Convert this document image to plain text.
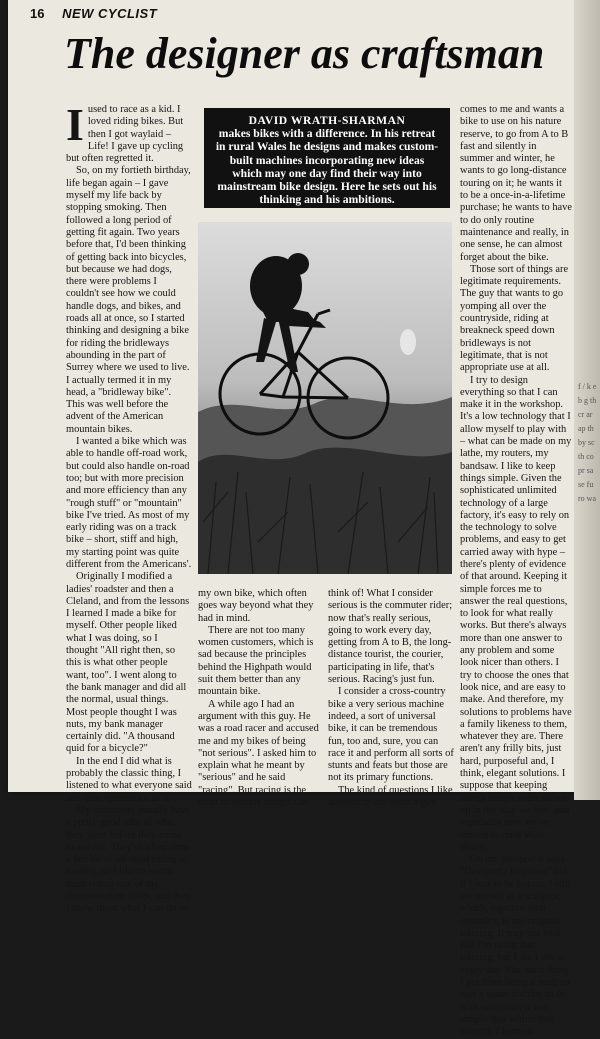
16 NEW CYCLIST
The designer as craftsman
I used to race as a kid. I loved riding bikes. But then I got waylaid – Life! I gave up cycling but often regretted it.

So, on my fortieth birthday, life began again – I gave myself my life back by stopping smoking. Then followed a long period of getting fit again. Two years before that, I'd been thinking of getting back into bicycles, but because we had dogs, there were problems I couldn't see how we could handle dogs, and bikes, and roads all at once, so I started thinking and designing a bike for riding the bridleways abounding in the part of Surrey where we used to live. I actually termed it in my head, a "bridleway bike". This was well before the advent of the American mountain bikes.

I wanted a bike which was able to handle off-road work, but could also handle on-road too; but with more precision and more efficiency than any "rough stuff" or "mountain" bike I've tried. As most of my early riding was on a track bike – short, stiff and high, my starting point was quite different from the Americans'.

Originally I modified a ladies' roadster and then a Cleland, and from the lessons I learned I made a bike for myself. Other people liked what I was doing, so I thought "All right then, so this is what other people want, too". I went along to the bank manager and did all the normal, usual things. Most people thought I was nuts, my bank manager certainly did. "A thousand quid for a bicycle?"

In the end I did what is probably the classic thing, I listened to what everyone said and then ignored all of it.

My customers usually have a pretty good idea of what they want before they come to see me. They've often done a fair bit of off-road riding or touring, so I like to watch them riding one of my demonstration bikes, and then I show them what I can do on

DAVID WRATH-SHARMAN
makes bikes with a difference. In his retreat in rural Wales he designs and makes custom-built machines incorporating new ideas which may one day find their way into mainstream bike design. Here he sets out his thinking and his ambitions.

my own bike, which often goes way beyond what they had in mind.

There are not too many women customers, which is sad because the principles behind the Highpath would suit them better than any mountain bike.

A while ago I had an argument with this guy. He was a road racer and accused me and my bikes of being "not serious". I asked him to explain what he meant by "serious" and he said "racing". But racing is the most unserious thing I can

think of! What I consider serious is the commuter rider; now that's really serious, going to work every day, getting from A to B, the long-distance tourist, the courier, participating in life, that's serious. Racing's just fun.

I consider a cross-country bike a very serious machine indeed, a sort of universal bike, it can be tremendous fun, too and, sure, you can race it and perform all sorts of stunts and feats but those are not its primary functions.

The kind of questions I like answering are when a guy

comes to me and wants a bike to use on his nature reserve, to go from A to B fast and silently in summer and winter, he wants to go long-distance touring on it; he wants it to be a once-in-a-lifetime purchase; he wants to have to do only routine maintenance and really, in one sense, he can almost forget about the bike.

Those sort of things are legitimate requirements. The guy that wants to go yomping all over the countryside, riding at breakneck speed down bridleways is not legitimate, that is not appropriate use at all.

I try to design everything so that I can make it in the workshop. It's a low technology that I allow myself to play with – what can be made on my lathe, my routers, my bandsaw. I like to keep things simple. Given the sophisticated unlimited technology of a large factory, it's easy to rely on the technology to solve problems, and easy to get carried away with hype – there's plenty of evidence of that around. Keeping it simple forces me to answer the real questions, to look for what really works. But there's always more than one answer to any problem and some look nicer than others. I try to choose the ones that look nice, and are easy to make. And therefore, my solutions to problems have a family likeness to them, whatever they are. There aren't any frilly bits, just hard, purposeful and, I think, elegant solutions. I suppose that keeping things simple even shows up in the way we live, and especially now we've moved to rural West Wales.

On my passport it says "Designer / Engineer" but if I was to be honest, I still see myself as a sculptor, which, together with ceramics, is my original training. It may not look like I'm using that training, but I do. I use it every day. The main thing I got from being a sculptor was a sense nothing to do with sculpture; it was simply that within that context, I learned

f / k e b g th cr ar ap th by sc th co pr sa se fu ro wa
